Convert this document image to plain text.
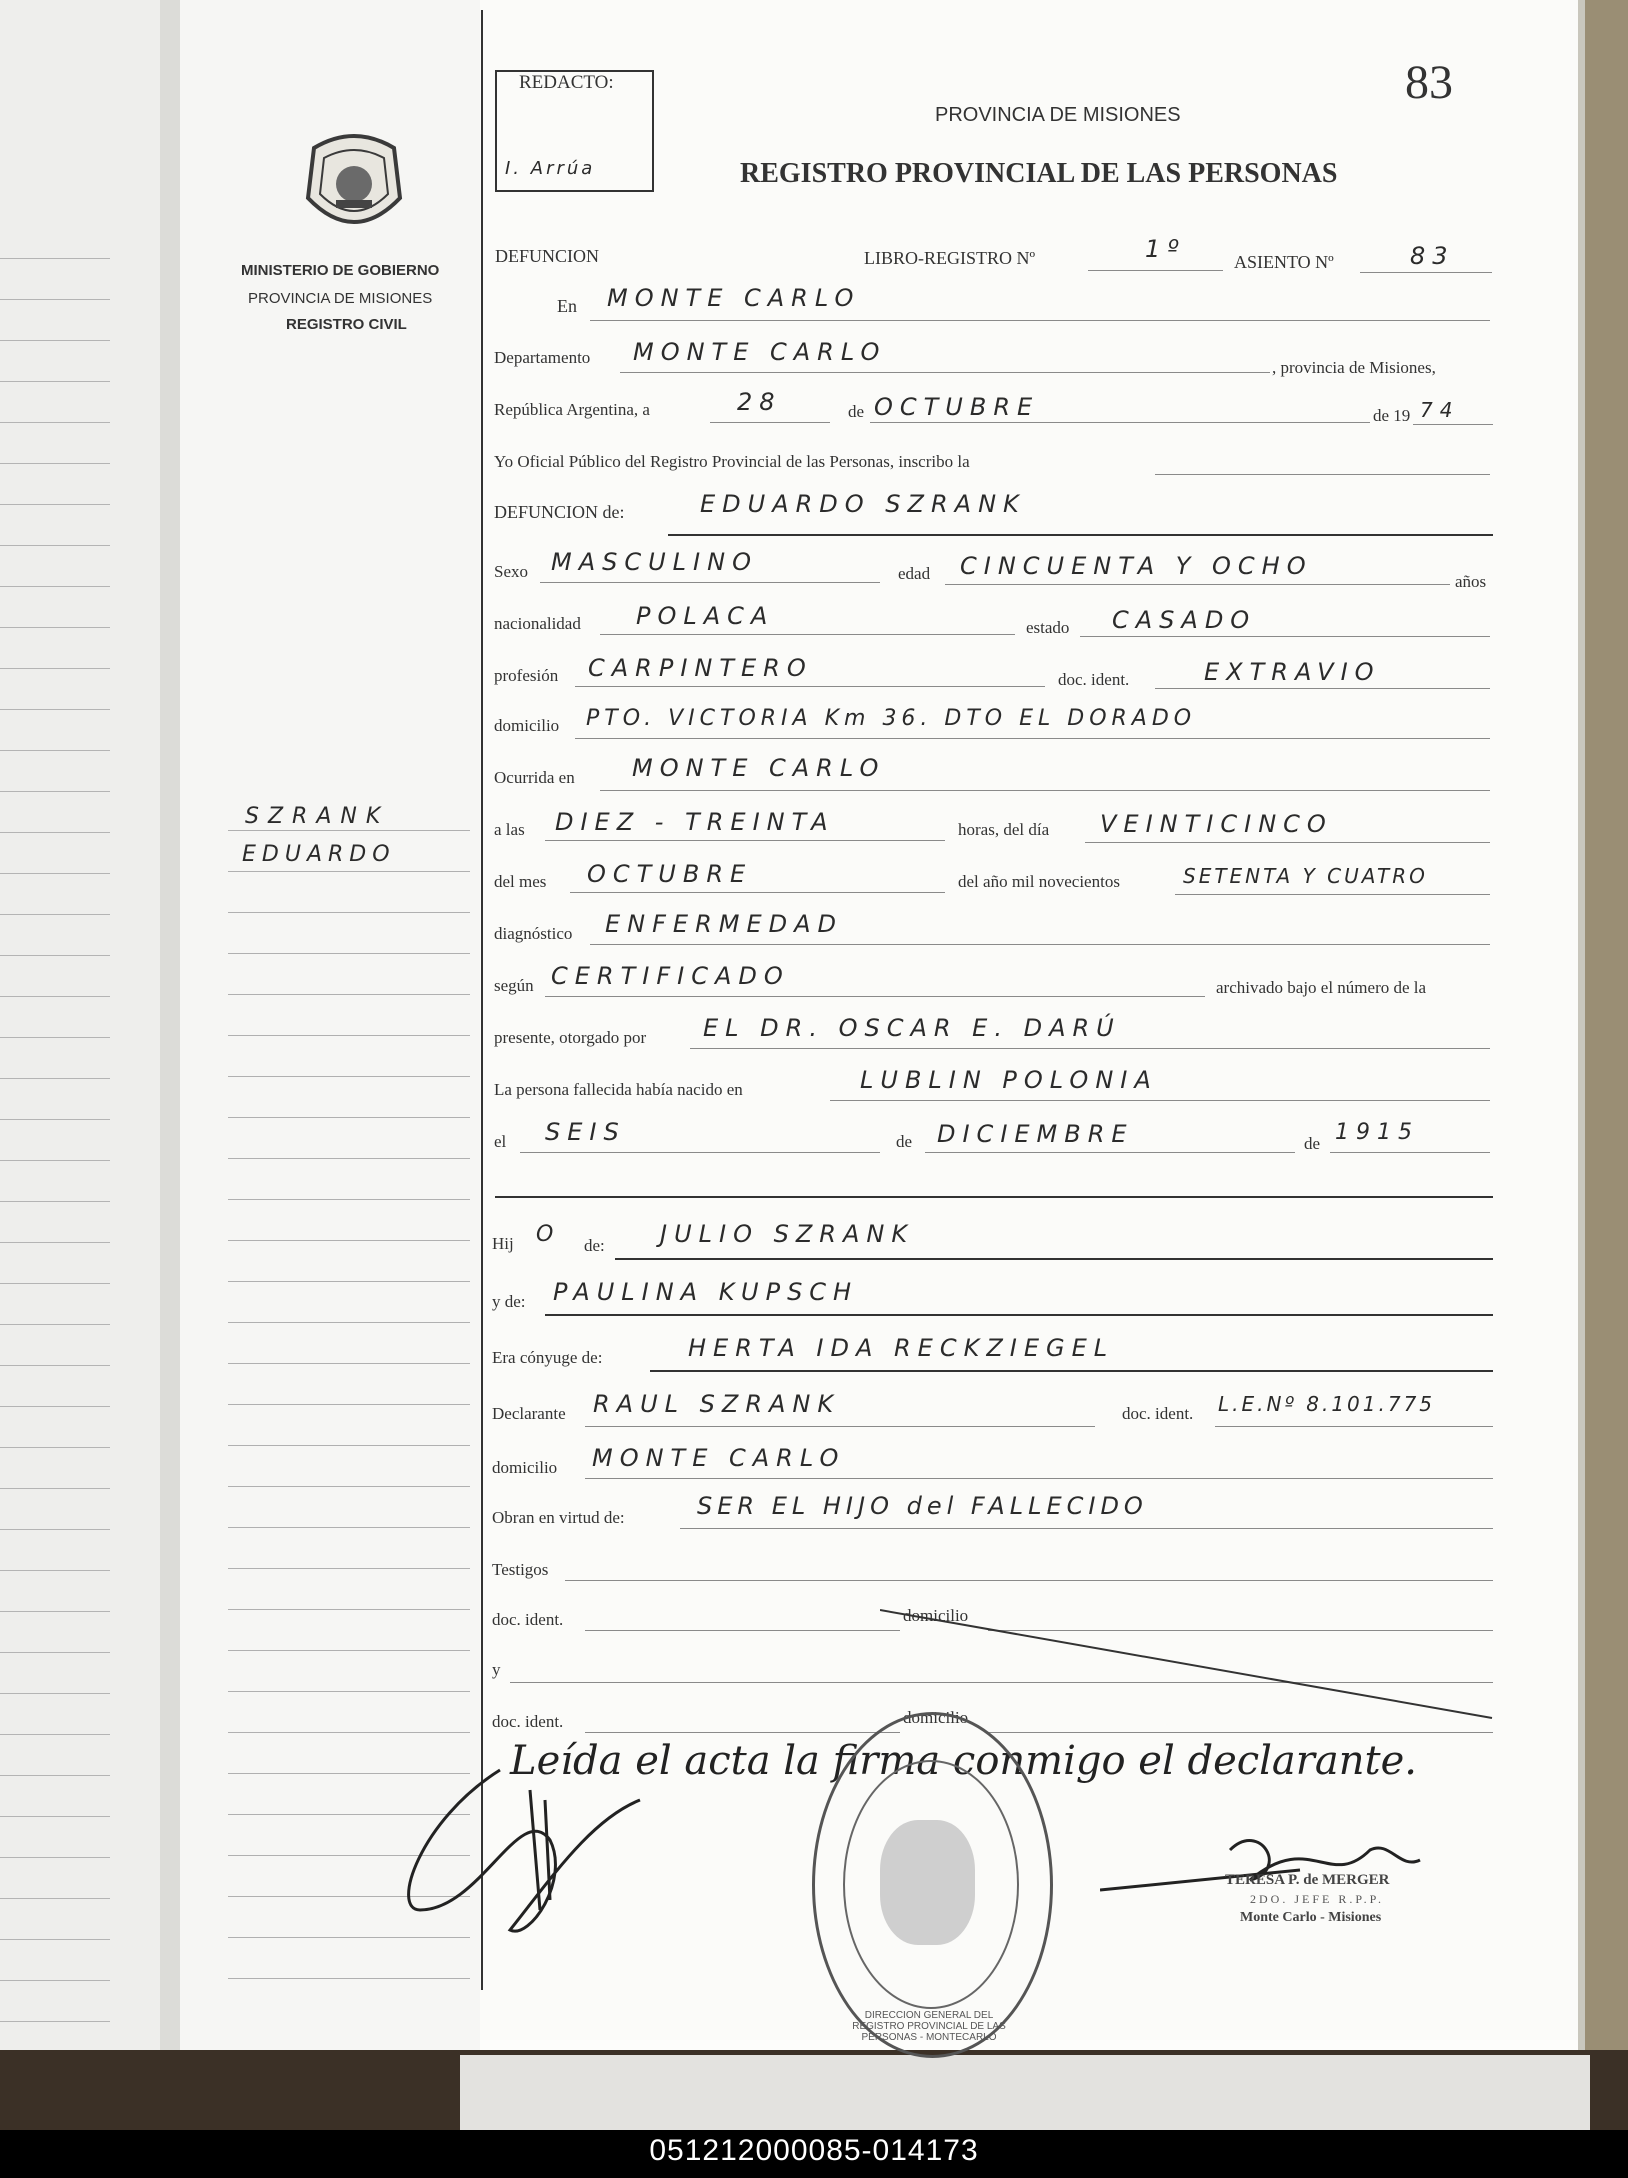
MINISTERIO DE GOBIERNO
PROVINCIA DE MISIONES
REGISTRO CIVIL
SZRANK
EDUARDO
REDACTO:
I. Arrúa
83
PROVINCIA DE MISIONES
REGISTRO PROVINCIAL DE LAS PERSONAS
DEFUNCION	LIBRO-REGISTRO Nº	1º	ASIENTO Nº	83
En MONTE CARLO
Departamento MONTE CARLO
, provincia de Misiones,
República Argentina, a	28	de OCTUBRE	de 19 74
Yo Oficial Público del Registro Provincial de las Personas, inscribo la
DEFUNCION de:	EDUARDO SZRANK
Sexo MASCULINO	edad CINCUENTA Y OCHO
años
nacionalidad POLACA	estado CASADO
profesión CARPINTERO	doc. ident.	EXTRAVIO
domicilio PTO. VICTORIA Km 36. DTO EL DORADO
Ocurrida en MONTE CARLO
a las DIEZ - TREINTA	horas, del día VEINTICINCO
del mes OCTUBRE	del año mil novecientos	SETENTA Y CUATRO
diagnóstico ENFERMEDAD
según CERTIFICADO	archivado bajo el número de la
presente, otorgado por EL DR. OSCAR E. DARÚ
La persona fallecida había nacido en	LUBLIN POLONIA
el SEIS	de DICIEMBRE	de 1915
Hij O de: JULIO SZRANK
y de: PAULINA KUPSCH
Era cónyuge de:	HERTA IDA RECKZIEGEL
Declarante RAUL SZRANK	doc. ident. L.E.Nº 8.101.775
domicilio MONTE CARLO
Obran en virtud de:	SER EL HIJO del FALLECIDO
Testigos
doc. ident.	domicilio
y
doc. ident.	domicilio
Leída el acta la firma conmigo el declarante.
TERESA P. de MERGER
2DO. JEFE R.P.P.
Monte Carlo - Misiones
DIRECCION GENERAL DEL REGISTRO PROVINCIAL DE LAS PERSONAS - MONTECARLO
051212000085-014173
